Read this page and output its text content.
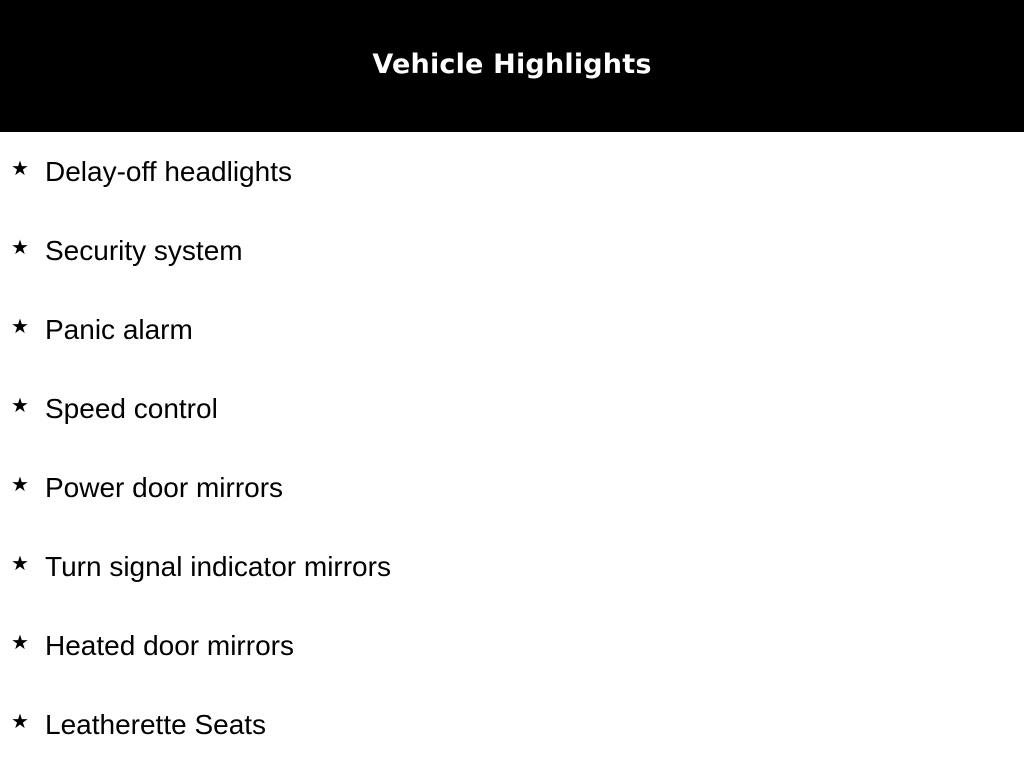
Vehicle Highlights
★ Delay-off headlights
★ Security system
★ Panic alarm
★ Speed control
★ Power door mirrors
★ Turn signal indicator mirrors
★ Heated door mirrors
★ Leatherette Seats
